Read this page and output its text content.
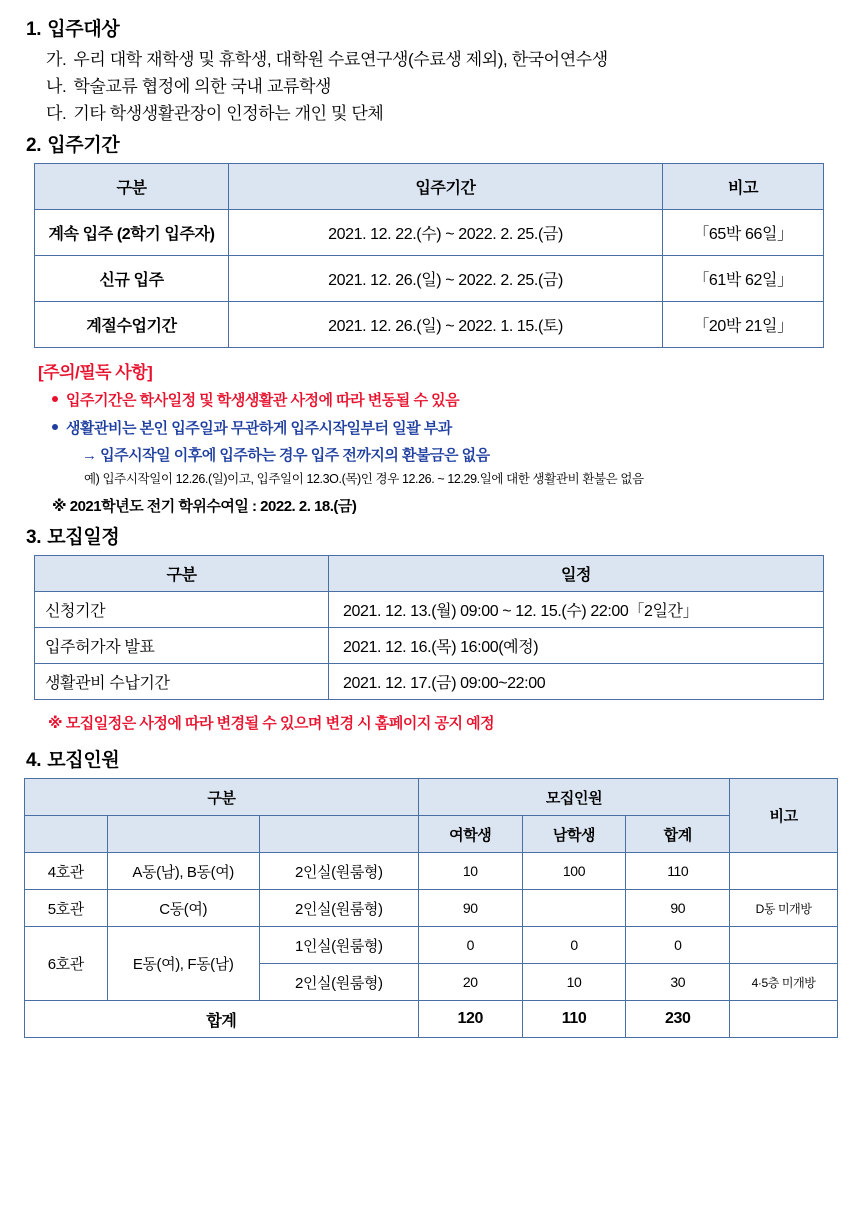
1. 입주대상
가. 우리 대학 재학생 및 휴학생, 대학원 수료연구생(수료생 제외), 한국어연수생
나. 학술교류 협정에 의한 국내 교류학생
다. 기타 학생생활관장이 인정하는 개인 및 단체
2. 입주기간
구분	입주기간	비고
계속 입주 (2학기 입주자)	2021. 12. 22.(수) ~ 2022. 2. 25.(금)	「65박 66일」
신규 입주	2021. 12. 26.(일) ~ 2022. 2. 25.(금)	「61박 62일」
계절수업기간	2021. 12. 26.(일) ~ 2022. 1. 15.(토)	「20박 21일」
[주의/필독 사항]
입주기간은 학사일정 및 학생생활관 사정에 따라 변동될 수 있음
생활관비는 본인 입주일과 무관하게 입주시작일부터 일괄 부과
→ 입주시작일 이후에 입주하는 경우 입주 전까지의 환불금은 없음
예) 입주시작일이 12.26.(일)이고, 입주일이 12.3O.(목)인 경우 12.26. ~ 12.29.일에 대한 생활관비 환불은 없음
※ 2021학년도 전기 학위수여일 : 2022. 2. 18.(금)
3. 모집일정
구분	일정
신청기간	2021. 12. 13.(월) 09:00 ~ 12. 15.(수) 22:00「2일간」
입주허가자 발표	2021. 12. 16.(목) 16:00(예정)
생활관비 수납기간	2021. 12. 17.(금) 09:00~22:00
※ 모집일정은 사정에 따라 변경될 수 있으며 변경 시 홈페이지 공지 예정
4. 모집인원
구분			모집인원			비고
			여학생	남학생	합계	
4호관	A동(남), B동(여)	2인실(원룸형)	10	100	110	
5호관	C동(여)	2인실(원룸형)	90		90	D동 미개방
6호관	E동(여), F동(남)	1인실(원룸형)	0	0	0	
		2인실(원룸형)	20	10	30	4·5층 미개방
합계			120	110	230	
